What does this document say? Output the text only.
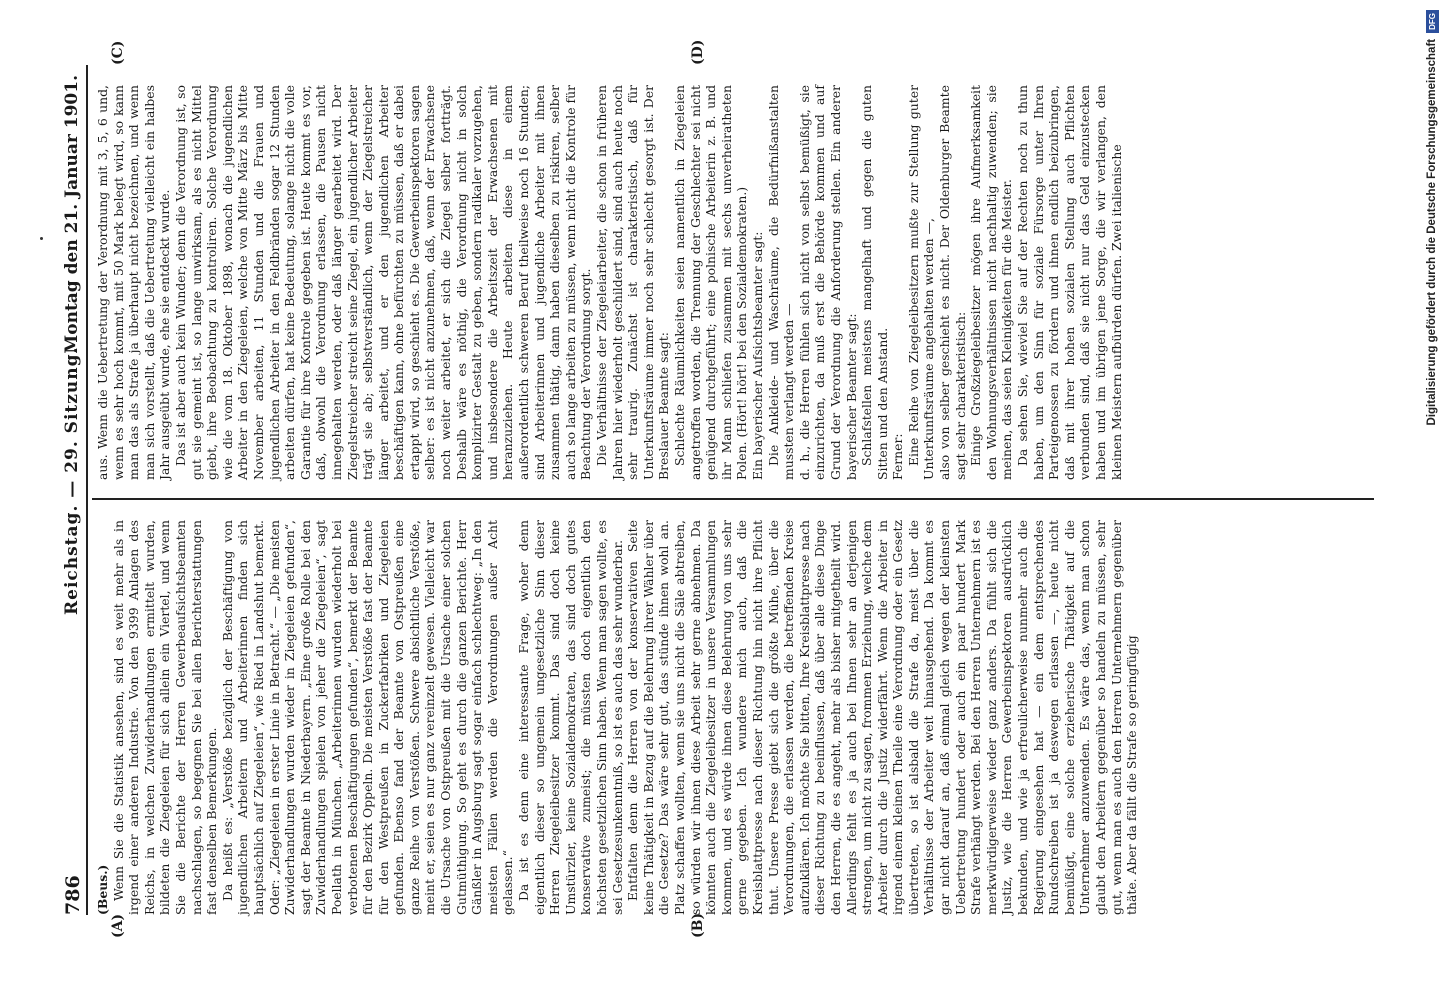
786
Reichstag. — 29. Sitzung.
Montag den 21. Januar 1901.
(A)	(B)
(C)	(D)

(Beus.) Wenn Sie die Statistik ansehen, sind es weit mehr als in irgend einer anderen Industrie. Von den 9399 Anlagen des Reichs, in welchen Zuwiderhandlungen ermittelt wurden, bildeten die Ziegeleien für sich allein ein Viertel, und wenn Sie die Berichte der Herren Gewerbeaufsichtsbeamten nachschlagen, so begegnen Sie bei allen Berichterstattungen fast denselben Bemerkungen. Da heißt es: „Verstöße bezüglich der Beschäftigung von jugendlichen Arbeitern und Arbeiterinnen finden sich hauptsächlich auf Ziegeleien“, wie Ried in Landshut bemerkt. Oder: „Ziegeleien in erster Linie in Betracht.“ — „Die meisten Zuwiderhandlungen wurden wieder in Ziegeleien gefunden“, sagt der Beamte in Niederbayern. „Eine große Rolle bei den Zuwiderhandlungen spielen von jeher die Ziegeleien“, sagt Poellath in München. „Arbeiterinnen wurden wiederholt bei verbotenen Beschäftigungen gefunden“, bemerkt der Beamte für den Bezirk Oppeln. Die meisten Verstöße fast der Beamte für den Westpreußen in Zuckerfabriken und Ziegeleien gefunden. Ebenso fand der Beamte von Ostpreußen eine ganze Reihe von Verstößen. Schwere absichtliche Verstöße, meint er, seien es nur ganz vereinzelt gewesen. Vielleicht war die Ursache von Ostpreußen mit die Ursache einer solchen Gutmüthigung. So geht es durch die ganzen Berichte. Herr Gänßler in Augsburg sagt sogar einfach schlechtweg: „In den meisten Fällen werden die Verordnungen außer Acht gelassen.“ Da ist es denn eine interessante Frage, woher denn eigentlich dieser so ungemein ungesetzliche Sinn dieser Herren Ziegeleibesitzer kommt. Das sind doch keine Umstürzler, keine Sozialdemokraten, das sind doch gutes konservative zumeist; die müssten doch eigentlich den höchsten gesetzlichen Sinn haben. Wenn man sagen wollte, es sei Gesetzesunkenntniß, so ist es auch das sehr wunderbar. Entfalten denn die Herren von der konservativen Seite keine Thätigkeit in Bezug auf die Belehrung ihrer Wähler über die Gesetze? Das wäre sehr gut, das stünde ihnen wohl an. Platz schaffen wollten, wenn sie uns nicht die Säle abtreiben, so würden wir ihnen diese Arbeit sehr gerne abnehmen. Da könnten auch die Ziegeleibesitzer in unsere Versammlungen kommen, und es würde ihnen diese Belehrung von uns sehr gerne gegeben. Ich wundere mich auch, daß die Kreisblattpresse nach dieser Richtung hin nicht ihre Pflicht thut. Unsere Presse giebt sich die größte Mühe, über die Verordnungen, die erlassen werden, die betreffenden Kreise aufzuklären. Ich möchte Sie bitten, Ihre Kreisblattpresse nach dieser Richtung zu beeinflussen, daß über alle diese Dinge den Herren, die es angeht, mehr als bisher mitgetheilt wird. Allerdings fehlt es ja auch bei Ihnen sehr an derjenigen strengen, um nicht zu sagen, frommen Erziehung, welche dem Arbeiter durch die Justiz widerfährt. Wenn die Arbeiter in irgend einem kleinen Theile eine Verordnung oder ein Gesetz übertreten, so ist alsbald die Strafe da, meist über die Verhältnisse der Arbeiter weit hinausgehend. Da kommt es gar nicht darauf an, daß einmal gleich wegen der kleinsten Uebertretung hundert oder auch ein paar hundert Mark Strafe verhängt werden. Bei den Herren Unternehmern ist es merkwürdigerweise wieder ganz anders. Da fühlt sich die Justiz, wie die Herren Gewerbeinspektoren ausdrücklich bekunden, und wie ja erfreulicherweise nunmehr auch die Regierung eingesehen hat — ein dem entsprechendes Rundschreiben ist ja deswegen erlassen —, heute nicht bemüßigt, eine solche erzieherische Thätigkeit auf die Unternehmer anzuwenden. Es wäre das, wenn man schon glaubt den Arbeitern gegenüber so handeln zu müssen, sehr gut, wenn man es auch den Herren Unternehmern gegenüber thäte. Aber da fällt die Strafe so geringfügig

aus. Wenn die Uebertretung der Verordnung mit 3, 5, 6 und, wenn es sehr hoch kommt, mit 50 Mark belegt wird, so kann man das als Strafe ja überhaupt nicht bezeichnen, und wenn man sich vorstellt, daß die Uebertretung vielleicht ein halbes Jahr ausgeübt wurde, ehe sie entdeckt wurde. Das ist aber auch kein Wunder; denn die Verordnung ist, so gut sie gemeint ist, so lange unwirksam, als es nicht Mittel giebt, ihre Beobachtung zu kontroliren. Solche Verordnung wie die vom 18. Oktober 1898, wonach die jugendlichen Arbeiter in den Ziegeleien, welche von Mitte März bis Mitte November arbeiten, 11 Stunden und die Frauen und jugendlichen Arbeiter in den Feldbränden sogar 12 Stunden arbeiten dürfen, hat keine Bedeutung, solange nicht die volle Garantie für ihre Kontrole gegeben ist. Heute kommt es vor, daß, obwohl die Verordnung erlassen, die Pausen nicht innegehalten werden, oder daß länger gearbeitet wird. Der Ziegelstreicher streicht seine Ziegel, ein jugendlicher Arbeiter trägt sie ab; selbstverständlich, wenn der Ziegelstreicher länger arbeitet, und er den jugendlichen Arbeiter beschäftigen kann, ohne befürchten zu müssen, daß er dabei ertappt wird, so geschieht es. Die Gewerbeinspektoren sagen selber: es ist nicht anzunehmen, daß, wenn der Erwachsene noch weiter arbeitet, er sich die Ziegel selber fortträgt. Deshalb wäre es nöthig, die Verordnung nicht in solch komplizirter Gestalt zu geben, sondern radikaler vorzugehen, und insbesondere die Arbeitszeit der Erwachsenen mit heranzuziehen. Heute arbeiten diese in einem außerordentlich schweren Beruf theilweise noch 16 Stunden; sind Arbeiterinnen und jugendliche Arbeiter mit ihnen zusammen thätig, dann haben dieselben zu riskiren, selber auch so lange arbeiten zu müssen, wenn nicht die Kontrole für Beachtung der Verordnung sorgt. Die Verhältnisse der Ziegeleiarbeiter, die schon in früheren Jahren hier wiederholt geschildert sind, sind auch heute noch sehr traurig. Zunächst ist charakteristisch, daß für Unterkunftsräume immer noch sehr schlecht gesorgt ist. Der Breslauer Beamte sagt: Schlechte Räumlichkeiten seien namentlich in Ziegeleien angetroffen worden, die Trennung der Geschlechter sei nicht genügend durchgeführt; eine polnische Arbeiterin z. B. und ihr Mann schliefen zusammen mit sechs unverheiratheten Polen. (Hört! hört! bei den Sozialdemokraten.) Ein bayerischer Aufsichtsbeamter sagt: Die Ankleide- und Waschräume, die Bedürfnißanstalten mussten verlangt werden — d. h., die Herren fühlen sich nicht von selbst bemüßigt, sie einzurichten, da muß erst die Behörde kommen und auf Grund der Verordnung die Anforderung stellen. Ein anderer bayerischer Beamter sagt: Schlafstellen meistens mangelhaft und gegen die guten Sitten und den Anstand. Ferner: Eine Reihe von Ziegeleibesitzern mußte zur Stellung guter Unterkunftsräume angehalten werden —, also von selber geschieht es nicht. Der Oldenburger Beamte sagt sehr charakteristisch: Einige Großziegeleibesitzer mögen ihre Aufmerksamkeit den Wohnungsverhältnissen nicht nachhaltig zuwenden; sie meinen, das seien Kleinigkeiten für die Meister. Da sehen Sie, wieviel Sie auf der Rechten noch zu thun haben, um den Sinn für soziale Fürsorge unter Ihren Parteigenossen zu fördern und ihnen endlich beizubringen, daß mit ihrer hohen sozialen Stellung auch Pflichten verbunden sind, daß sie nicht nur das Geld einzustecken haben und im übrigen jene Sorge, die wir verlangen, den kleinen Meistern aufbürden dürfen. Zwei italienische	Digitalisierung gefördert durch die Deutsche Forschungsgemeinschaft
DFG
